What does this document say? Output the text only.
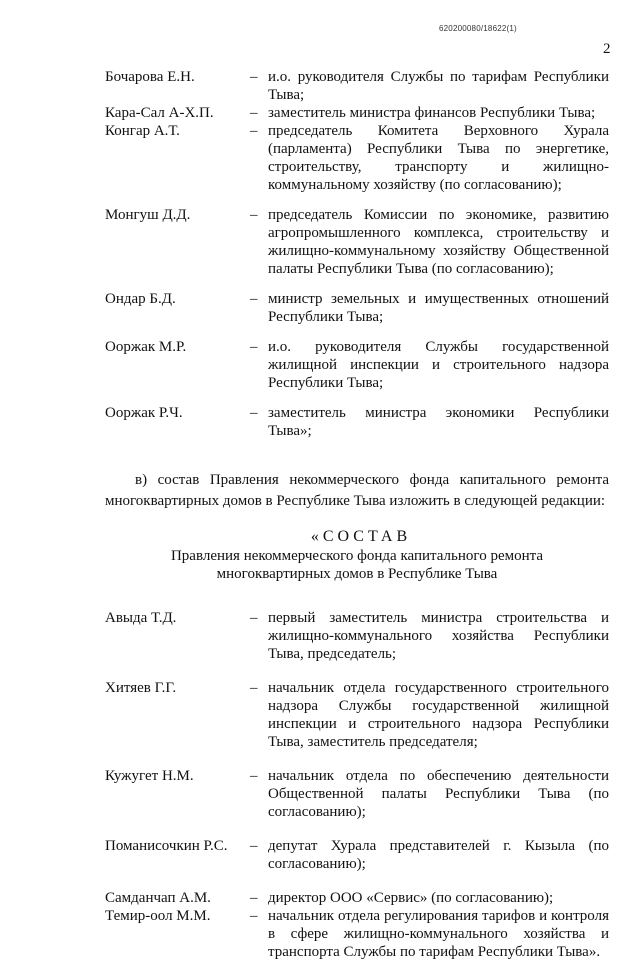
620200080/18622(1)
2
Бочарова Е.Н.	– и.о. руководителя Службы по тарифам Республики Тыва;
Кара-Сал А-Х.П.	– заместитель министра финансов Республики Тыва;
Конгар А.Т.	– председатель Комитета Верховного Хурала (парламента) Республики Тыва по энергетике, строительству, транспорту и жилищно-коммунальному хозяйству (по согласованию);
Монгуш Д.Д.	– председатель Комиссии по экономике, развитию агропромышленного комплекса, строительству и жилищно-коммунальному хозяйству Общественной палаты Республики Тыва (по согласованию);
Ондар Б.Д.	– министр земельных и имущественных отношений Республики Тыва;
Ооржак М.Р.	– и.о. руководителя Службы государственной жилищной инспекции и строительного надзора Республики Тыва;
Ооржак Р.Ч.	– заместитель министра экономики Республики Тыва»;
в) состав Правления некоммерческого фонда капитального ремонта многоквартирных домов в Республике Тыва изложить в следующей редакции:
«СОСТАВ
Правления некоммерческого фонда капитального ремонта
многоквартирных домов в Республике Тыва
Авыда Т.Д.	– первый заместитель министра строительства и жилищно-коммунального хозяйства Республики Тыва, председатель;
Хитяев Г.Г.	– начальник отдела государственного строительного надзора Службы государственной жилищной инспекции и строительного надзора Республики Тыва, заместитель председателя;
Кужугет Н.М.	– начальник отдела по обеспечению деятельности Общественной палаты Республики Тыва (по согласованию);
Поманисочкин Р.С.	– депутат Хурала представителей г. Кызыла (по согласованию);
Самданчап А.М.	– директор ООО «Сервис» (по согласованию);
Темир-оол М.М.	– начальник отдела регулирования тарифов и контроля в сфере жилищно-коммунального хозяйства и транспорта Службы по тарифам Республики Тыва».
